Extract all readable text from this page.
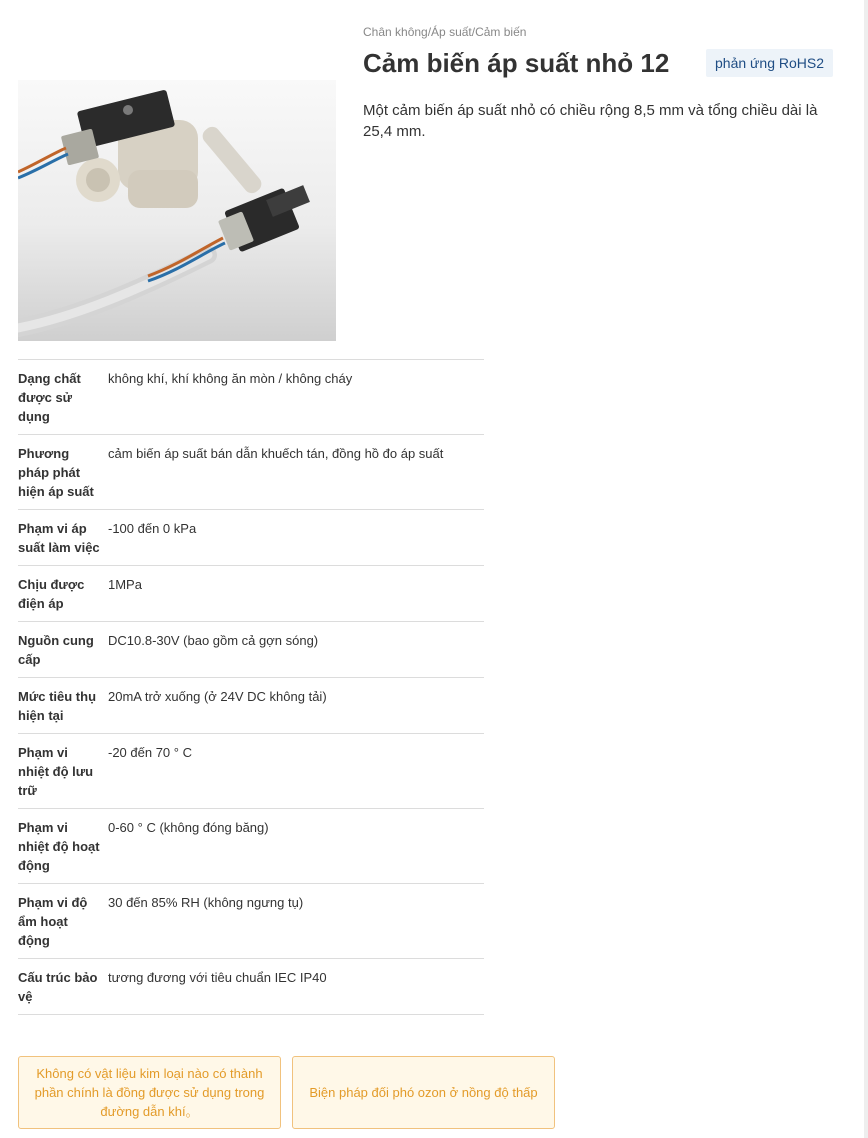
Chân không/Áp suất/Cảm biến
Cảm biến áp suất nhỏ 12	phản ứng RoHS2

Một cảm biến áp suất nhỏ có chiều rộng 8,5 mm và tổng chiều dài là 25,4 mm.

Dạng chất được sử dụng	không khí, khí không ăn mòn / không cháy
Phương pháp phát hiện áp suất	cảm biến áp suất bán dẫn khuếch tán, đồng hồ đo áp suất
Phạm vi áp suất làm việc	-100 đến 0 kPa
Chịu được điện áp	1MPa
Nguồn cung cấp	DC10.8-30V (bao gồm cả gợn sóng)
Mức tiêu thụ hiện tại	20mA trở xuống (ở 24V DC không tải)
Phạm vi nhiệt độ lưu trữ	-20 đến 70 ° C
Phạm vi nhiệt độ hoạt động	0-60 ° C (không đóng băng)
Phạm vi độ ẩm hoạt động	30 đến 85% RH (không ngưng tụ)
Cấu trúc bảo vệ	tương đương với tiêu chuẩn IEC IP40
Không có vật liệu kim loại nào có thành phần chính là đồng được sử dụng trong đường dẫn khí。
Biện pháp đối phó ozon ở nồng độ thấp
